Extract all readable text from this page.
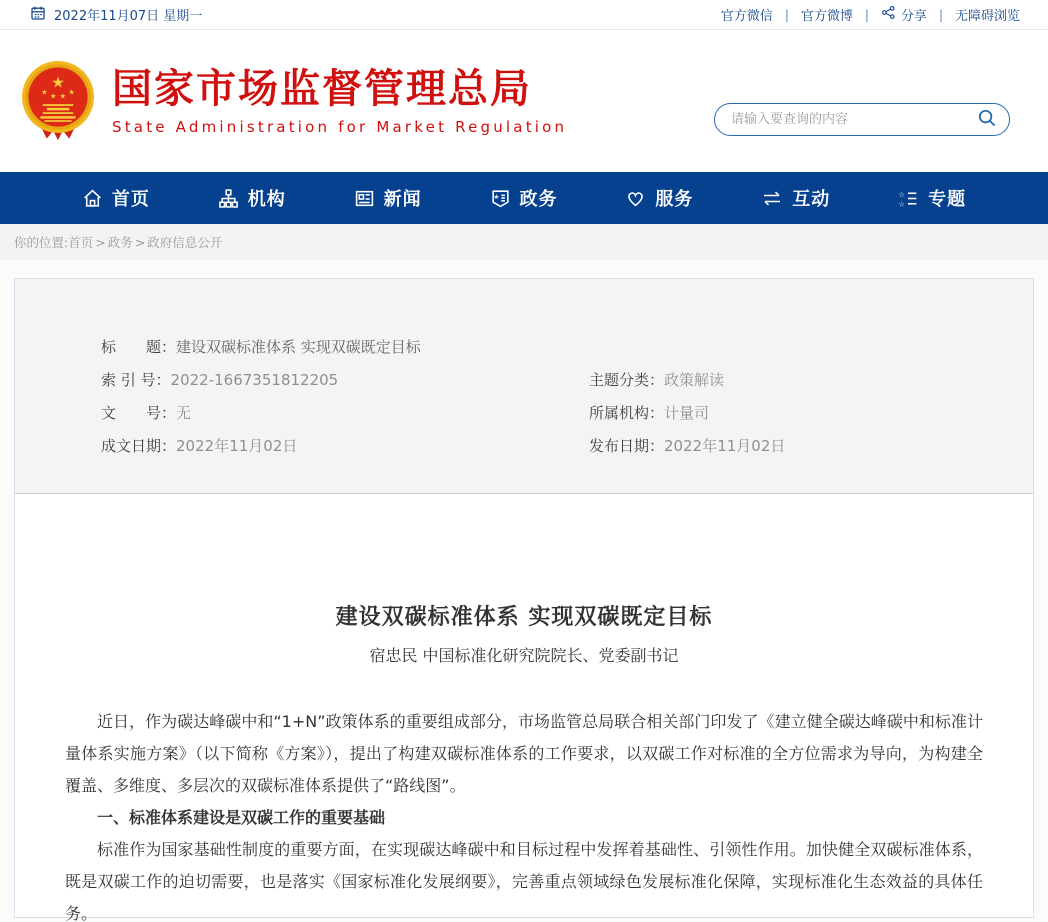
2022年11月07日 星期一	官方微信 | 官方微博 | 分享 | 无障碍浏览
★
★ ★ ★ ★ 国家市场监督管理总局
State Administration for Market Regulation
请输入要查询的内容
首页	机构	新闻	★ 政务	服务	互动	☆
☆ 专题
你的位置: 首页 > 政务 > 政府信息公开
标　　题：建设双碳标准体系 实现双碳既定目标
索 引 号：2022-1667351812205	主题分类：政策解读
文　　号：无	所属机构：计量司
成文日期：2022年11月02日	发布日期：2022年11月02日
建设双碳标准体系 实现双碳既定目标
宿忠民 中国标准化研究院院长、党委副书记

近日，作为碳达峰碳中和“1+N”政策体系的重要组成部分，市场监管总局联合相关部门印发了《建立健全碳达峰碳中和标准计量体系实施方案》（以下简称《方案》），提出了构建双碳标准体系的工作要求，以双碳工作对标准的全方位需求为导向，为构建全覆盖、多维度、多层次的双碳标准体系提供了“路线图”。

一、标准体系建设是双碳工作的重要基础

标准作为国家基础性制度的重要方面，在实现碳达峰碳中和目标过程中发挥着基础性、引领性作用。加快健全双碳标准体系，既是双碳工作的迫切需要，也是落实《国家标准化发展纲要》，完善重点领域绿色发展标准化保障，实现标准化生态效益的具体任务。
